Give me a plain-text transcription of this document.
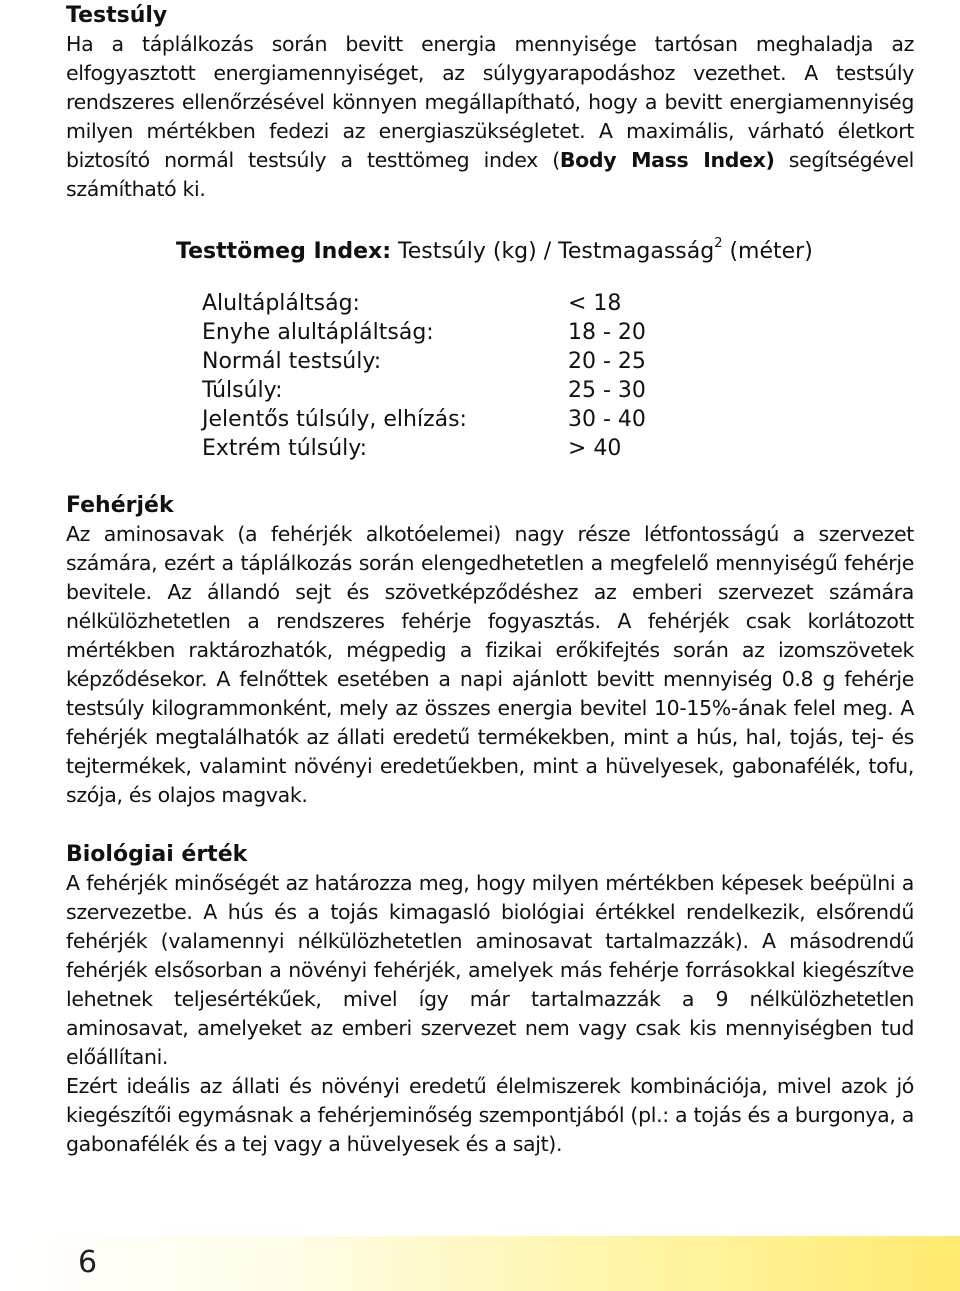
Testsúly

Ha a táplálkozás során bevitt energia mennyisége tartósan meghaladja az elfogyasztott energiamennyiséget, az súlygyarapodáshoz vezethet. A testsúly rendszeres ellenőrzésével könnyen megállapítható, hogy a bevitt energiamennyiség milyen mértékben fedezi az energiaszükségletet. A maximális, várható életkort biztosító normál testsúly a testtömeg index (Body Mass Index) segítségével számítható ki.

Testtömeg Index: Testsúly (kg) / Testmagasság$^2$ (méter)
Alultápláltság:	< 18
Enyhe alultápláltság:	18 - 20
Normál testsúly:	20 - 25
Túlsúly:	25 - 30
Jelentős túlsúly, elhízás:	30 - 40
Extrém túlsúly:	> 40
Fehérjék

Az aminosavak (a fehérjék alkotóelemei) nagy része létfontosságú a szervezet számára, ezért a táplálkozás során elengedhetetlen a megfelelő mennyiségű fehérje bevitele. Az állandó sejt és szövetképződéshez az emberi szervezet számára nélkülözhetetlen a rendszeres fehérje fogyasztás. A fehérjék csak korlátozott mértékben raktározhatók, mégpedig a fizikai erőkifejtés során az izomszövetek képződésekor. A felnőttek esetében a napi ajánlott bevitt mennyiség 0.8 g fehérje testsúly kilogrammonként, mely az összes energia bevitel 10-15%-ának felel meg. A fehérjék megtalálhatók az állati eredetű termékekben, mint a hús, hal, tojás, tej- és tejtermékek, valamint növényi eredetűekben, mint a hüvelyesek, gabonafélék, tofu, szója, és olajos magvak.

Biológiai érték

A fehérjék minőségét az határozza meg, hogy milyen mértékben képesek beépülni a szervezetbe. A hús és a tojás kimagasló biológiai értékkel rendelkezik, elsőrendű fehérjék (valamennyi nélkülözhetetlen aminosavat tartalmazzák). A másodrendű fehérjék elsősorban a növényi fehérjék, amelyek más fehérje forrásokkal kiegészítve lehetnek teljesértékűek, mivel így már tartalmazzák a 9 nélkülözhetetlen aminosavat, amelyeket az emberi szervezet nem vagy csak kis mennyiségben tud előállítani.

Ezért ideális az állati és növényi eredetű élelmiszerek kombinációja, mivel azok jó kiegészítői egymásnak a fehérjeminőség szempontjából (pl.: a tojás és a burgonya, a gabonafélék és a tej vagy a hüvelyesek és a sajt).

6
